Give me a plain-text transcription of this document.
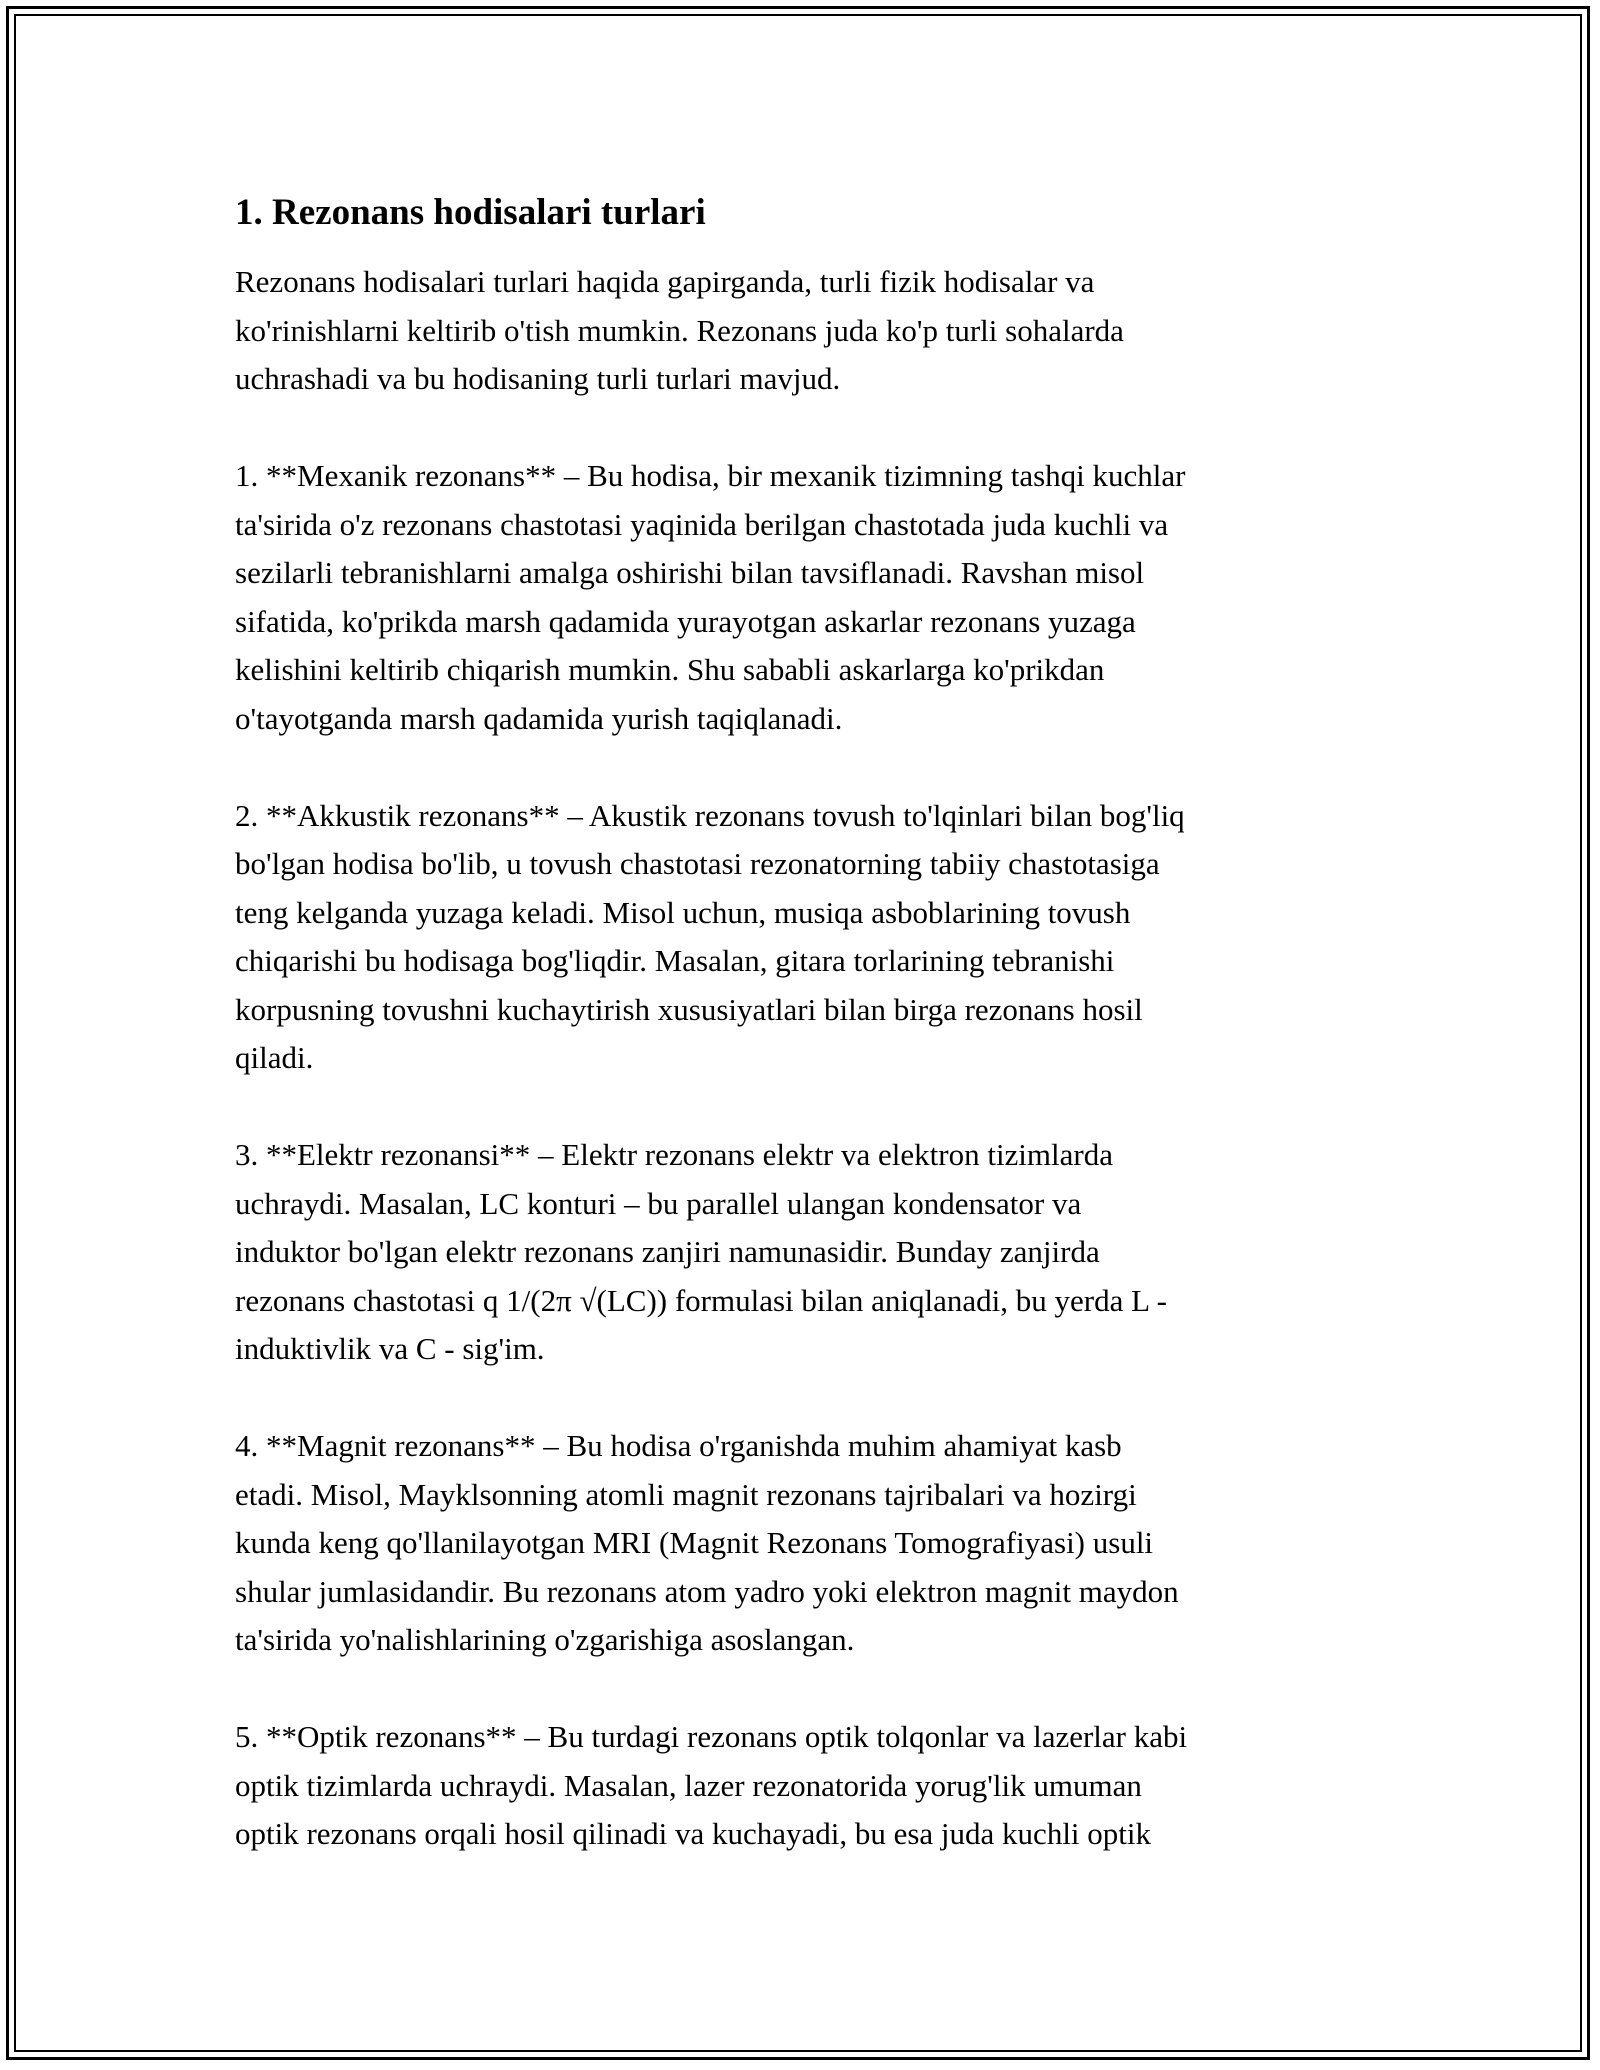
1. Rezonans hodisalari turlari

Rezonans hodisalari turlari haqida gapirganda, turli fizik hodisalar va
ko'rinishlarni keltirib o'tish mumkin. Rezonans juda ko'p turli sohalarda
uchrashadi va bu hodisaning turli turlari mavjud.

1. **Mexanik rezonans** – Bu hodisa, bir mexanik tizimning tashqi kuchlar
ta'sirida o'z rezonans chastotasi yaqinida berilgan chastotada juda kuchli va
sezilarli tebranishlarni amalga oshirishi bilan tavsiflanadi. Ravshan misol
sifatida, ko'prikda marsh qadamida yurayotgan askarlar rezonans yuzaga
kelishini keltirib chiqarish mumkin. Shu sababli askarlarga ko'prikdan
o'tayotganda marsh qadamida yurish taqiqlanadi.

2. **Akkustik rezonans** – Akustik rezonans tovush to'lqinlari bilan bog'liq
bo'lgan hodisa bo'lib, u tovush chastotasi rezonatorning tabiiy chastotasiga
teng kelganda yuzaga keladi. Misol uchun, musiqa asboblarining tovush
chiqarishi bu hodisaga bog'liqdir. Masalan, gitara torlarining tebranishi
korpusning tovushni kuchaytirish xususiyatlari bilan birga rezonans hosil
qiladi.

3. **Elektr rezonansi** – Elektr rezonans elektr va elektron tizimlarda
uchraydi. Masalan, LC konturi – bu parallel ulangan kondensator va
induktor bo'lgan elektr rezonans zanjiri namunasidir. Bunday zanjirda
rezonans chastotasi q 1/(2π √(LC)) formulasi bilan aniqlanadi, bu yerda L -
induktivlik va C - sig'im.

4. **Magnit rezonans** – Bu hodisa o'rganishda muhim ahamiyat kasb
etadi. Misol, Mayklsonning atomli magnit rezonans tajribalari va hozirgi
kunda keng qo'llanilayotgan MRI (Magnit Rezonans Tomografiyasi) usuli
shular jumlasidandir. Bu rezonans atom yadro yoki elektron magnit maydon
ta'sirida yo'nalishlarining o'zgarishiga asoslangan.

5. **Optik rezonans** – Bu turdagi rezonans optik tolqonlar va lazerlar kabi
optik tizimlarda uchraydi. Masalan, lazer rezonatorida yorug'lik umuman
optik rezonans orqali hosil qilinadi va kuchayadi, bu esa juda kuchli optik
